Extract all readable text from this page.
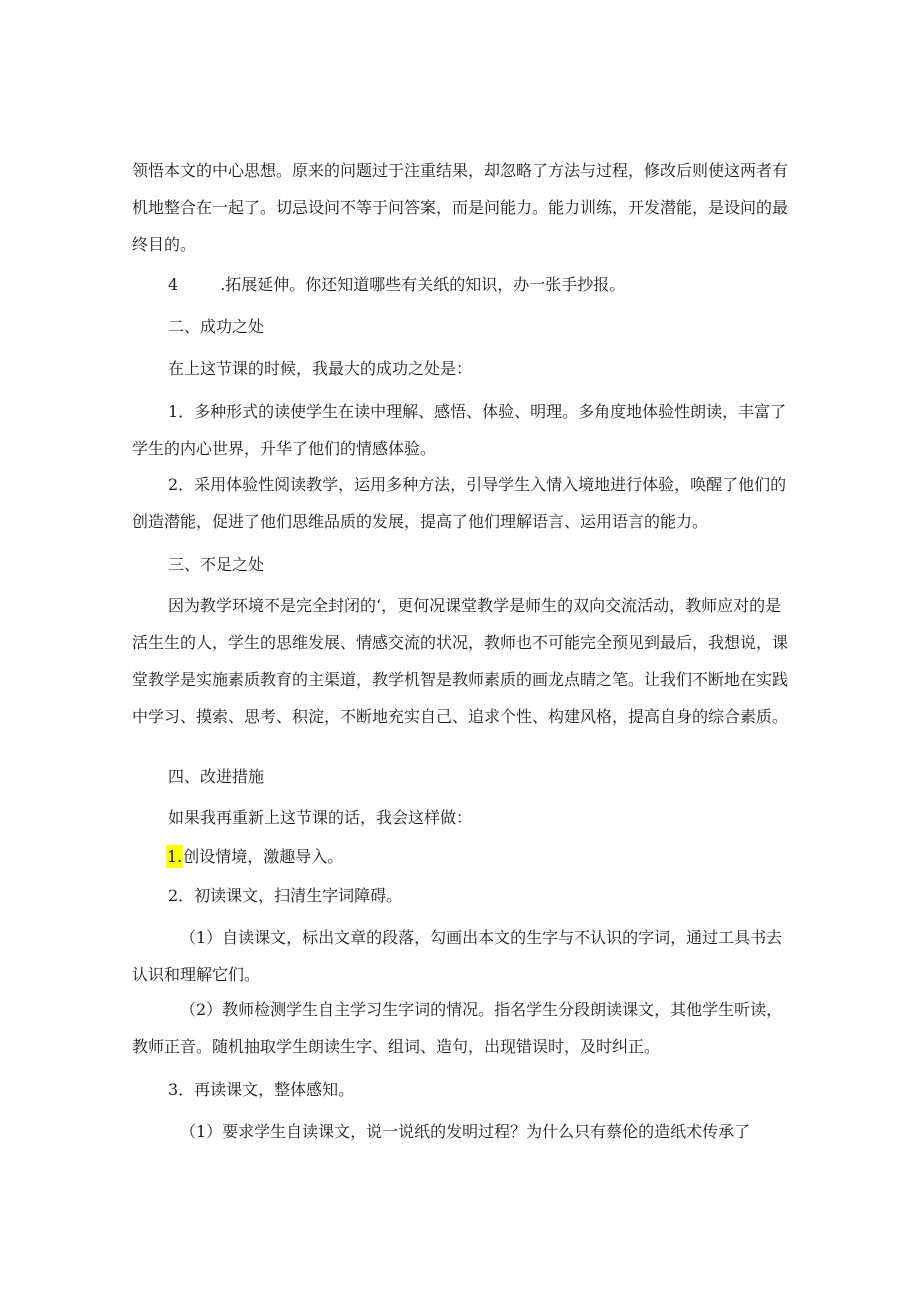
领悟本文的中心思想。原来的问题过于注重结果，却忽略了方法与过程，修改后则使这两者有机地整合在一起了。切忌设问不等于问答案，而是问能力。能力训练，开发潜能，是设问的最终目的。

4	.拓展延伸。你还知道哪些有关纸的知识，办一张手抄报。

二、成功之处

在上这节课的时候，我最大的成功之处是：

1．多种形式的读使学生在读中理解、感悟、体验、明理。多角度地体验性朗读，丰富了学生的内心世界，升华了他们的情感体验。

2．采用体验性阅读教学，运用多种方法，引导学生入情入境地进行体验，唤醒了他们的创造潜能，促进了他们思维品质的发展，提高了他们理解语言、运用语言的能力。

三、不足之处

因为教学环境不是完全封闭的‘，更何况课堂教学是师生的双向交流活动，教师应对的是活生生的人，学生的思维发展、情感交流的状况，教师也不可能完全预见到最后，我想说，课堂教学是实施素质教育的主渠道，教学机智是教师素质的画龙点睛之笔。让我们不断地在实践中学习、摸索、思考、积淀，不断地充实自己、追求个性、构建风格，提高自身的综合素质。

四、改进措施

如果我再重新上这节课的话，我会这样做：

1.创设情境，激趣导入。

2．初读课文，扫清生字词障碍。

（1）自读课文，标出文章的段落，勾画出本文的生字与不认识的字词，通过工具书去认识和理解它们。

（2）教师检测学生自主学习生字词的情况。指名学生分段朗读课文，其他学生听读，教师正音。随机抽取学生朗读生字、组词、造句，出现错误时，及时纠正。

3．再读课文，整体感知。

（1）要求学生自读课文，说一说纸的发明过程？为什么只有蔡伦的造纸术传承了
